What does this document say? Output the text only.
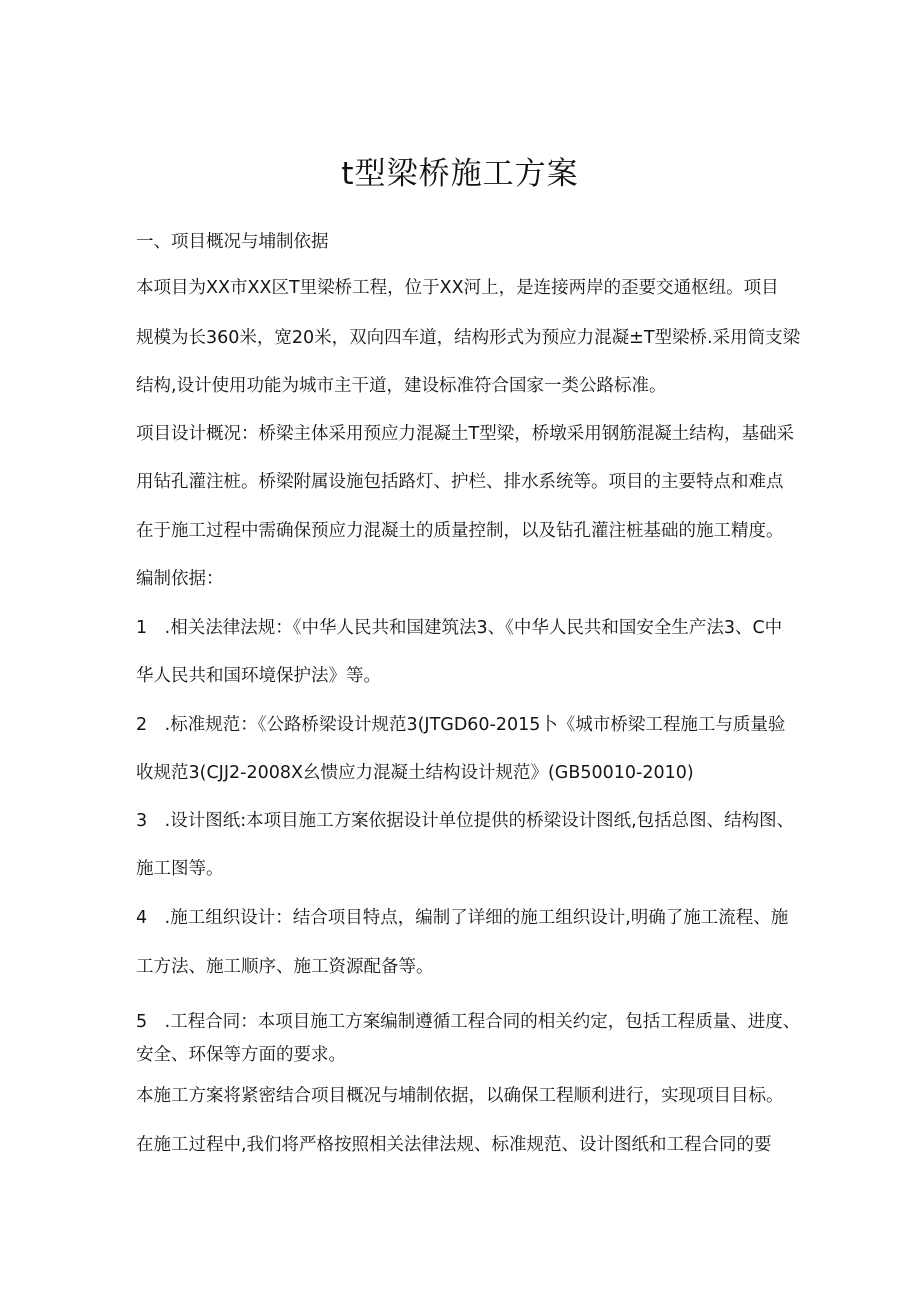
t型梁桥施工方案
一、项目概况与埔制依据
本项目为XX市XX区T里梁桥工程，位于XX河上，是连接两岸的歪要交通枢纽。项目
规模为长360米，宽20米，双向四车道，结构形式为预应力混凝±T型梁桥.采用筒支梁
结构,设计使用功能为城市主干道，建设标准符合国家一类公路标准。
项目设计概况：桥梁主体采用预应力混凝土T型梁，桥墩采用钢筋混凝土结构，基础采
用钻孔灌注桩。桥梁附属设施包括路灯、护栏、排水系统等。项目的主要特点和难点
在于施工过程中需确保预应力混凝土的质量控制，以及钻孔灌注桩基础的施工精度。
编制依据：
1　.相关法律法规：《中华人民共和国建筑法3、《中华人民共和国安全生产法3、C中
华人民共和国环境保护法》等。
2　.标准规范：《公路桥梁设计规范3(JTGD60-2015卜《城市桥梁工程施工与质量验
收规范3(CJJ2-2008X幺愦应力混凝土结构设计规范》(GB50010-2010)
3　.设计图纸:本项目施工方案依据设计单位提供的桥梁设计图纸,包括总图、结构图、
施工图等。
4　.施工组织设计：结合项目特点，编制了详细的施工组织设计,明确了施工流程、施
工方法、施工顺序、施工资源配备等。
5　.工程合同：本项目施工方案编制遵循工程合同的相关约定，包括工程质量、进度、
安全、环保等方面的要求。
本施工方案将紧密结合项目概况与埔制依据，以确保工程顺利进行，实现项目目标。
在施工过程中,我们将严格按照相关法律法规、标准规范、设计图纸和工程合同的要
